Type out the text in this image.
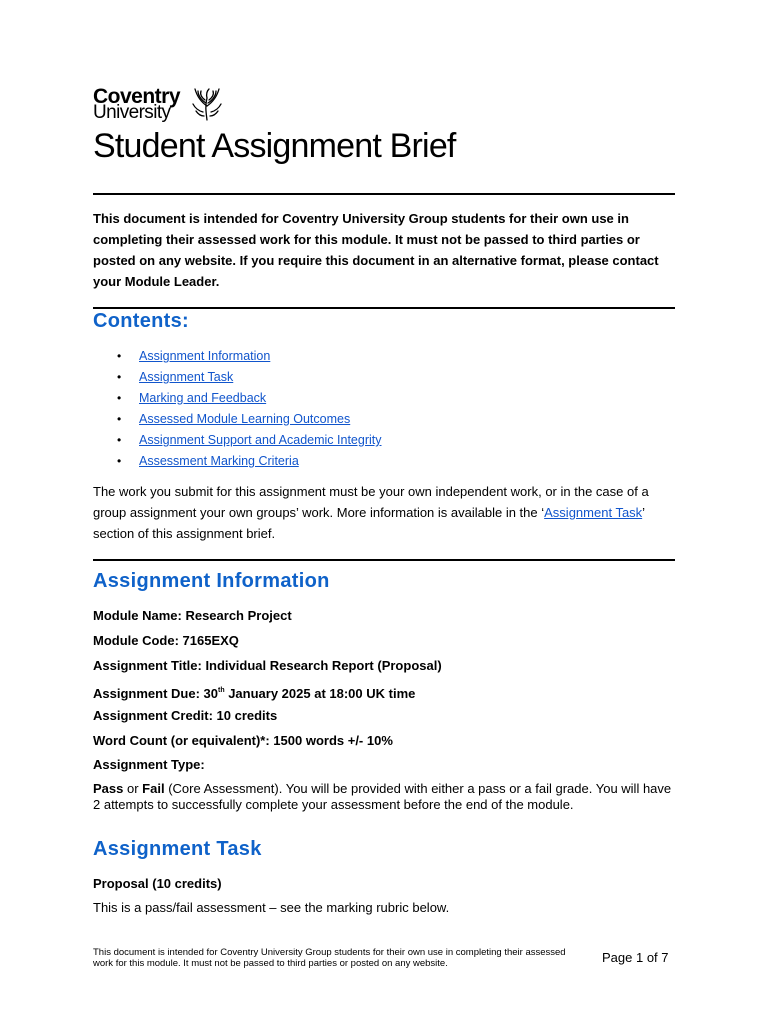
Coventry
University
Student Assignment Brief
This document is intended for Coventry University Group students for their own use in completing their assessed work for this module. It must not be passed to third parties or posted on any website. If you require this document in an alternative format, please contact your Module Leader.
Contents:
• Assignment Information
• Assignment Task
• Marking and Feedback
• Assessed Module Learning Outcomes
• Assignment Support and Academic Integrity
• Assessment Marking Criteria
The work you submit for this assignment must be your own independent work, or in the case of a group assignment your own groups’ work. More information is available in the ‘Assignment Task’ section of this assignment brief.
Assignment Information
Module Name: Research Project
Module Code: 7165EXQ
Assignment Title: Individual Research Report (Proposal)
Assignment Due: 30th January 2025 at 18:00 UK time
Assignment Credit: 10 credits
Word Count (or equivalent)*: 1500 words +/- 10%
Assignment Type:
Pass or Fail (Core Assessment). You will be provided with either a pass or a fail grade. You will have 2 attempts to successfully complete your assessment before the end of the module.
Assignment Task
Proposal (10 credits)
This is a pass/fail assessment – see the marking rubric below.
This document is intended for Coventry University Group students for their own use in completing their assessed work for this module. It must not be passed to third parties or posted on any website.	Page 1 of 7
